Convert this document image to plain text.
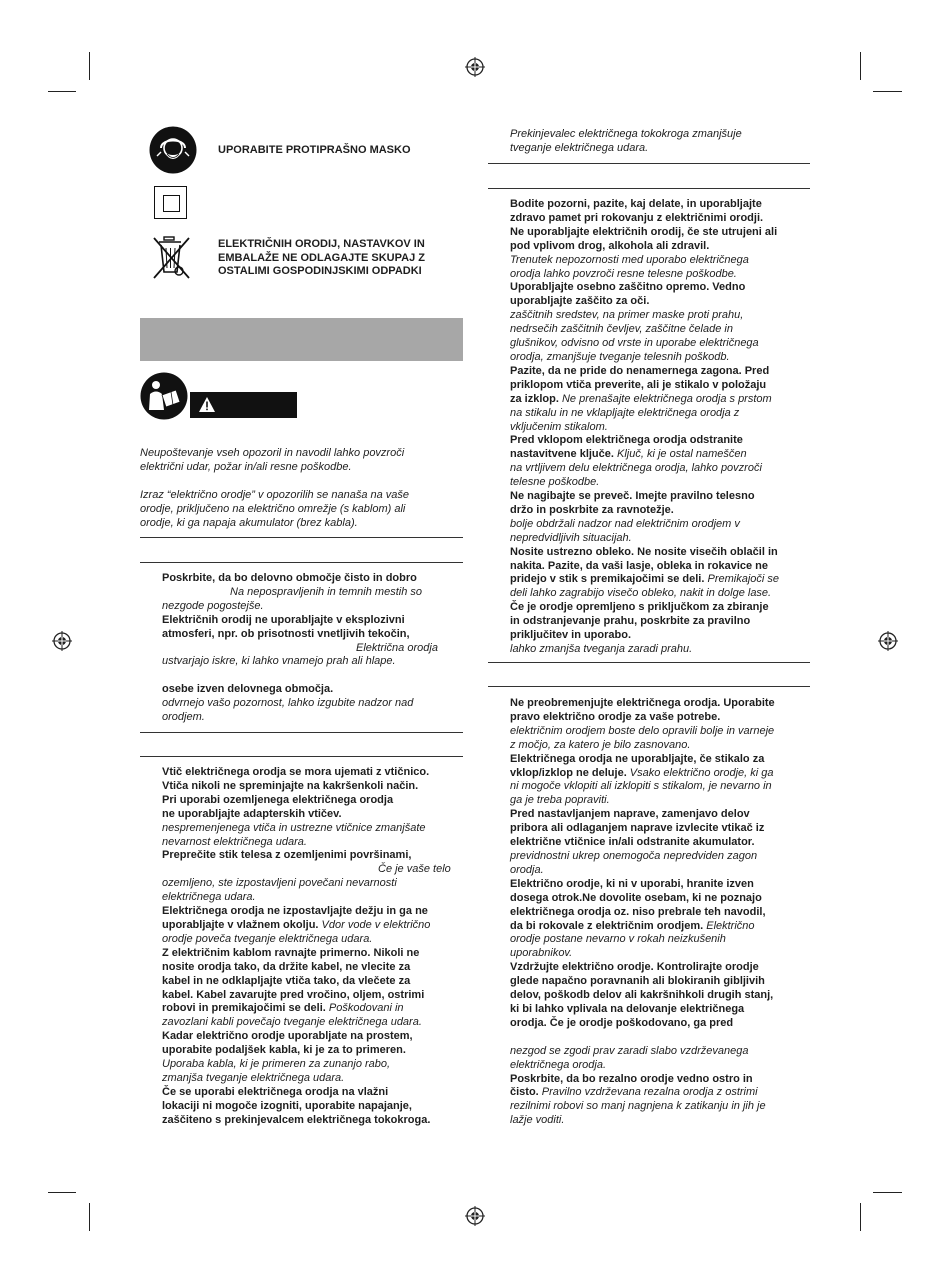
UPORABITE PROTIPRAŠNO MASKO
ELEKTRIČNIH ORODIJ, NASTAVKOV IN
EMBALAŽE NE ODLAGAJTE SKUPAJ Z
OSTALIMI GOSPODINJSKIMI ODPADKI

Neupoštevanje vseh opozoril in navodil lahko povzroči

električni udar, požar in/ali resne poškodbe.

Izraz “električno orodje” v opozorilih se nanaša na vaše

orodje, priključeno na električno omrežje (s kablom) ali

orodje, ki ga napaja akumulator (brez kabla).

Poskrbite, da bo delovno območje čisto in dobro

Na nepospravljenih in temnih mestih so

nezgode pogostejše.

Električnih orodij ne uporabljajte v eksplozivni

atmosferi, npr. ob prisotnosti vnetljivih tekočin,

Električna orodja

ustvarjajo iskre, ki lahko vnamejo prah ali hlape.

osebe izven delovnega območja.

odvrnejo vašo pozornost, lahko izgubite nadzor nad

orodjem.

Vtič električnega orodja se mora ujemati z vtičnico.

Vtiča nikoli ne spreminjajte na kakršenkoli način.

Pri uporabi ozemljenega električnega orodja

ne uporabljajte adapterskih vtičev.

nespremenjenega vtiča in ustrezne vtičnice zmanjšate

nevarnost električnega udara.

Preprečite stik telesa z ozemljenimi površinami,

Če je vaše telo

ozemljeno, ste izpostavljeni povečani nevarnosti

električnega udara.

Električnega orodja ne izpostavljajte dežju in ga ne

uporabljajte v vlažnem okolju. Vdor vode v električno

orodje poveča tveganje električnega udara.

Z električnim kablom ravnajte primerno. Nikoli ne

nosite orodja tako, da držite kabel, ne vlecite za

kabel in ne odklapljajte vtiča tako, da vlečete za

kabel. Kabel zavarujte pred vročino, oljem, ostrimi

robovi in premikajočimi se deli. Poškodovani in

zavozlani kabli povečajo tveganje električnega udara.

Kadar električno orodje uporabljate na prostem,

uporabite podaljšek kabla, ki je za to primeren.

Uporaba kabla, ki je primeren za zunanjo rabo,

zmanjša tveganje električnega udara.

Če se uporabi električnega orodja na vlažni

lokaciji ni mogoče izogniti, uporabite napajanje,

zaščiteno s prekinjevalcem električnega tokokroga.

Prekinjevalec električnega tokokroga zmanjšuje

tveganje električnega udara.

Bodite pozorni, pazite, kaj delate, in uporabljajte

zdravo pamet pri rokovanju z električnimi orodji.

Ne uporabljajte električnih orodij, če ste utrujeni ali

pod vplivom drog, alkohola ali zdravil.

Trenutek nepozornosti med uporabo električnega

orodja lahko povzroči resne telesne poškodbe.

Uporabljajte osebno zaščitno opremo. Vedno

uporabljajte zaščito za oči.

zaščitnih sredstev, na primer maske proti prahu,

nedrsečih zaščitnih čevljev, zaščitne čelade in

glušnikov, odvisno od vrste in uporabe električnega

orodja, zmanjšuje tveganje telesnih poškodb.

Pazite, da ne pride do nenamernega zagona. Pred

priklopom vtiča preverite, ali je stikalo v položaju

za izklop. Ne prenašajte električnega orodja s prstom

na stikalu in ne vklapljajte električnega orodja z

vključenim stikalom.

Pred vklopom električnega orodja odstranite

nastavitvene ključe. Ključ, ki je ostal nameščen

na vrtljivem delu električnega orodja, lahko povzroči

telesne poškodbe.

Ne nagibajte se preveč. Imejte pravilno telesno

držo in poskrbite za ravnotežje.

bolje obdržali nadzor nad električnim orodjem v

nepredvidljivih situacijah.

Nosite ustrezno obleko. Ne nosite visečih oblačil in

nakita. Pazite, da vaši lasje, obleka in rokavice ne

pridejo v stik s premikajočimi se deli. Premikajoči se

deli lahko zagrabijo visečo obleko, nakit in dolge lase.

Če je orodje opremljeno s priključkom za zbiranje

in odstranjevanje prahu, poskrbite za pravilno

priključitev in uporabo.

lahko zmanjša tveganja zaradi prahu.

Ne preobremenjujte električnega orodja. Uporabite

pravo električno orodje za vaše potrebe.

električnim orodjem boste delo opravili bolje in varneje

z močjo, za katero je bilo zasnovano.

Električnega orodja ne uporabljajte, če stikalo za

vklop/izklop ne deluje. Vsako električno orodje, ki ga

ni mogoče vklopiti ali izklopiti s stikalom, je nevarno in

ga je treba popraviti.

Pred nastavljanjem naprave, zamenjavo delov

pribora ali odlaganjem naprave izvlecite vtikač iz

električne vtičnice in/ali odstranite akumulator.

previdnostni ukrep onemogoča nepredviden zagon

orodja.

Električno orodje, ki ni v uporabi, hranite izven

dosega otrok.Ne dovolite osebam, ki ne poznajo

električnega orodja oz. niso prebrale teh navodil,

da bi rokovale z električnim orodjem. Električno

orodje postane nevarno v rokah neizkušenih

uporabnikov.

Vzdržujte električno orodje. Kontrolirajte orodje

glede napačno poravnanih ali blokiranih gibljivih

delov, poškodb delov ali kakršnihkoli drugih stanj,

ki bi lahko vplivala na delovanje električnega

orodja. Če je orodje poškodovano, ga pred

nezgod se zgodi prav zaradi slabo vzdrževanega

električnega orodja.

Poskrbite, da bo rezalno orodje vedno ostro in

čisto. Pravilno vzdrževana rezalna orodja z ostrimi

rezilnimi robovi so manj nagnjena k zatikanju in jih je

lažje voditi.
